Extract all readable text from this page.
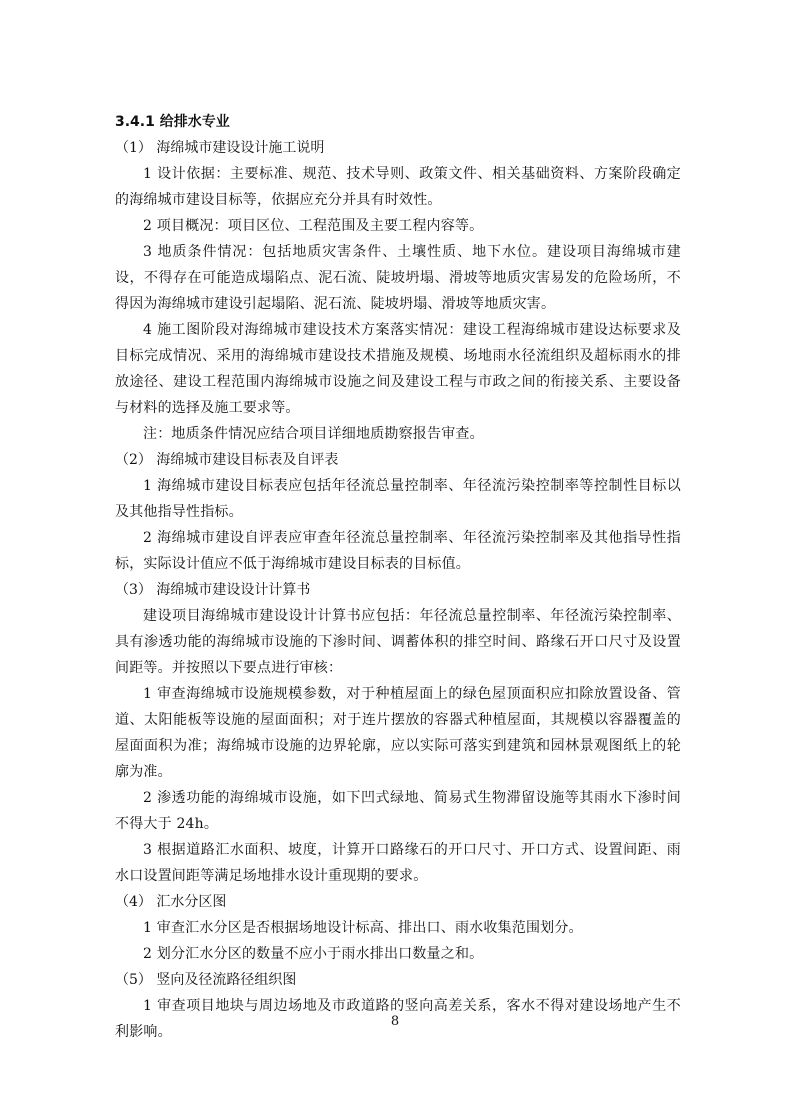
3.4.1 给排水专业
（1） 海绵城市建设设计施工说明
1 设计依据：主要标准、规范、技术导则、政策文件、相关基础资料、方案阶段确定的海绵城市建设目标等，依据应充分并具有时效性。
2 项目概况：项目区位、工程范围及主要工程内容等。
3 地质条件情况：包括地质灾害条件、土壤性质、地下水位。建设项目海绵城市建设，不得存在可能造成塌陷点、泥石流、陡坡坍塌、滑坡等地质灾害易发的危险场所，不得因为海绵城市建设引起塌陷、泥石流、陡坡坍塌、滑坡等地质灾害。
4 施工图阶段对海绵城市建设技术方案落实情况：建设工程海绵城市建设达标要求及目标完成情况、采用的海绵城市建设技术措施及规模、场地雨水径流组织及超标雨水的排放途径、建设工程范围内海绵城市设施之间及建设工程与市政之间的衔接关系、主要设备与材料的选择及施工要求等。
注：地质条件情况应结合项目详细地质勘察报告审查。
（2） 海绵城市建设目标表及自评表
1 海绵城市建设目标表应包括年径流总量控制率、年径流污染控制率等控制性目标以及其他指导性指标。
2 海绵城市建设自评表应审查年径流总量控制率、年径流污染控制率及其他指导性指标，实际设计值应不低于海绵城市建设目标表的目标值。
（3） 海绵城市建设设计计算书
建设项目海绵城市建设设计计算书应包括：年径流总量控制率、年径流污染控制率、具有渗透功能的海绵城市设施的下渗时间、调蓄体积的排空时间、路缘石开口尺寸及设置间距等。并按照以下要点进行审核：
1 审查海绵城市设施规模参数，对于种植屋面上的绿色屋顶面积应扣除放置设备、管道、太阳能板等设施的屋面面积；对于连片摆放的容器式种植屋面，其规模以容器覆盖的屋面面积为准；海绵城市设施的边界轮廓，应以实际可落实到建筑和园林景观图纸上的轮廓为准。
2 渗透功能的海绵城市设施，如下凹式绿地、简易式生物滞留设施等其雨水下渗时间不得大于 24h。
3 根据道路汇水面积、坡度，计算开口路缘石的开口尺寸、开口方式、设置间距、雨水口设置间距等满足场地排水设计重现期的要求。
（4） 汇水分区图
1 审查汇水分区是否根据场地设计标高、排出口、雨水收集范围划分。
2 划分汇水分区的数量不应小于雨水排出口数量之和。
（5） 竖向及径流路径组织图
1 审查项目地块与周边场地及市政道路的竖向高差关系，客水不得对建设场地产生不利影响。
8
